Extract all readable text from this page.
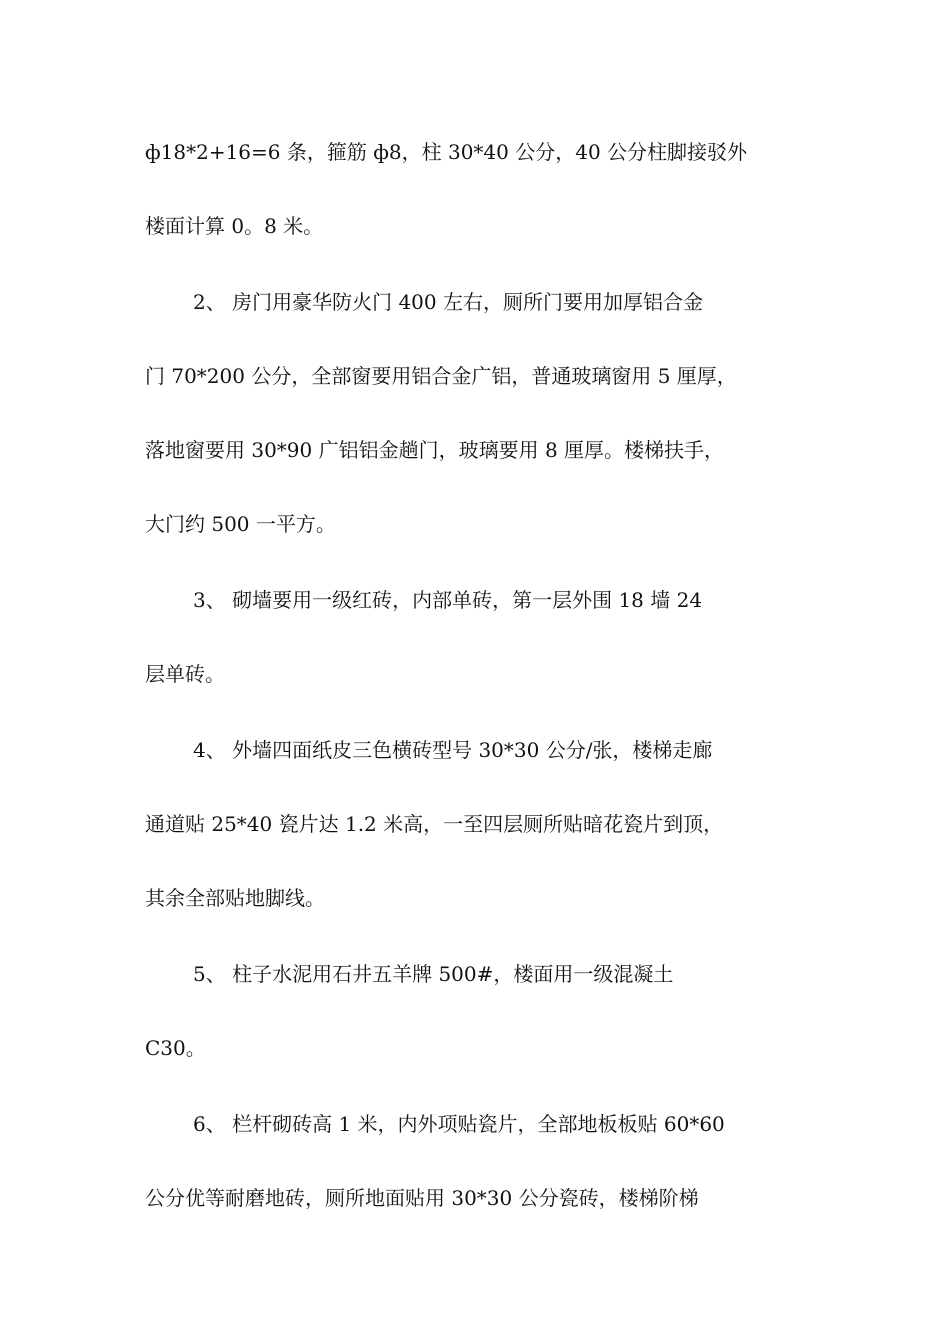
ф18*2+16=6 条，箍筋 ф8，柱 30*40 公分，40 公分柱脚接驳外

楼面计算 0。8 米。

2、 房门用豪华防火门 400 左右，厕所门要用加厚铝合金

门 70*200 公分，全部窗要用铝合金广铝，普通玻璃窗用 5 厘厚，

落地窗要用 30*90 广铝铝金趟门，玻璃要用 8 厘厚。楼梯扶手，

大门约 500 一平方。

3、 砌墙要用一级红砖，内部单砖，第一层外围 18 墙 24

层单砖。

4、 外墙四面纸皮三色横砖型号 30*30 公分/张，楼梯走廊

通道贴 25*40 瓷片达 1.2 米高，一至四层厕所贴暗花瓷片到顶，

其余全部贴地脚线。

5、 柱子水泥用石井五羊牌 500#，楼面用一级混凝土

C30。

6、 栏杆砌砖高 1 米，内外项贴瓷片，全部地板板贴 60*60

公分优等耐磨地砖，厕所地面贴用 30*30 公分瓷砖，楼梯阶梯
